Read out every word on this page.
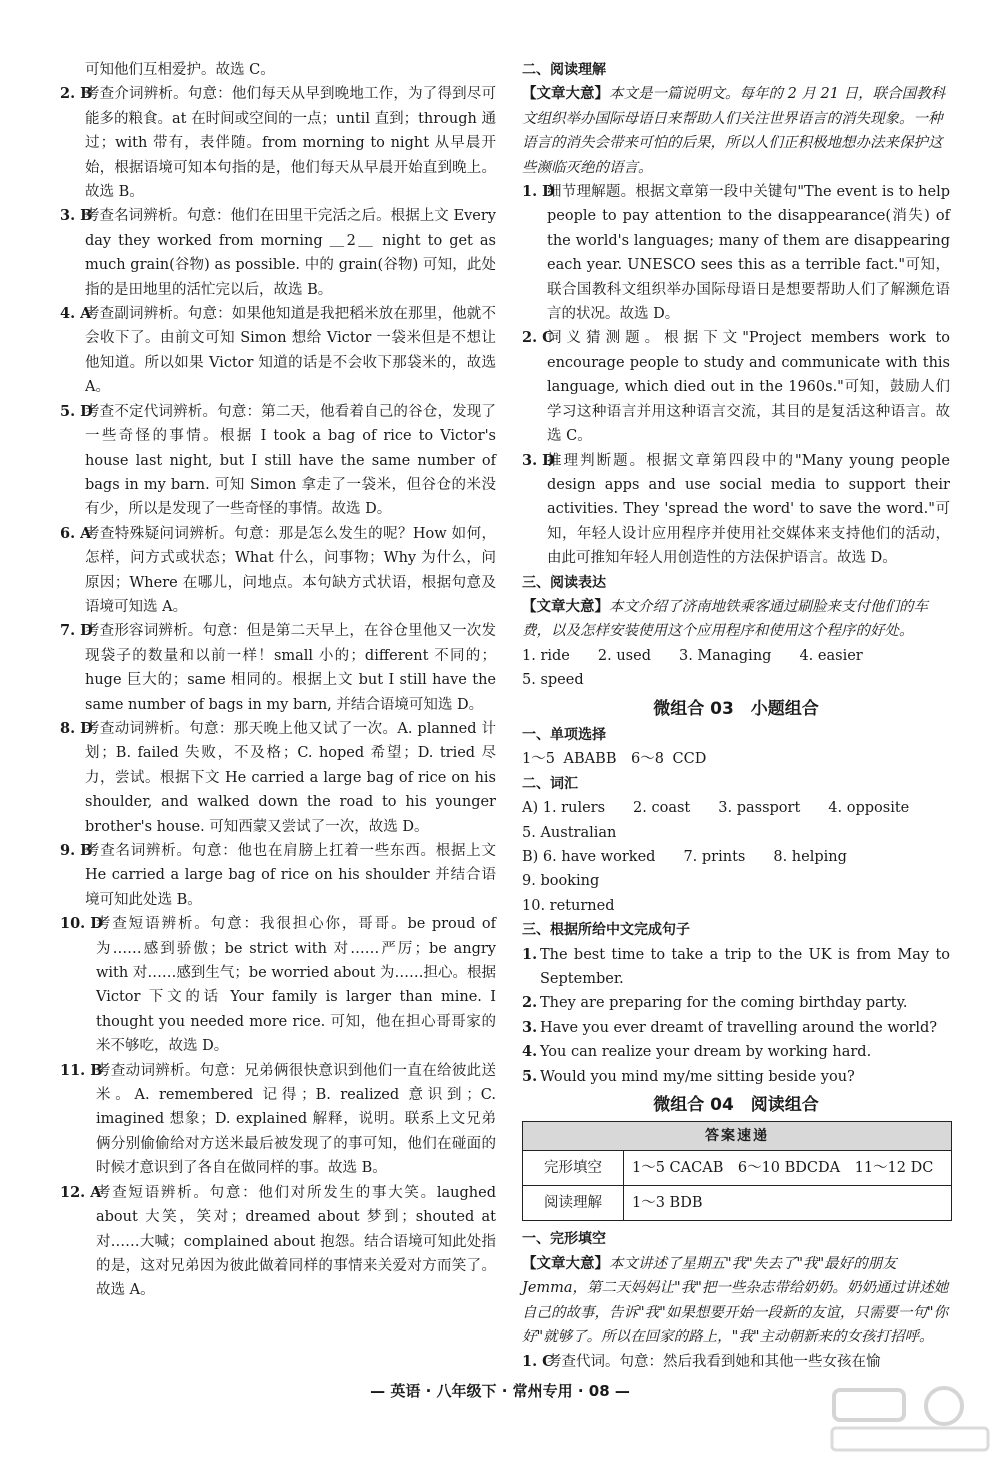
可知他们互相爱护。故选 C。

2. B
考查介词辨析。句意：他们每天从早到晚地工作，为了得到尽可能多的粮食。at 在时间或空间的一点；until 直到；through 通过；with 带有，表伴随。from morning to night 从早晨开始，根据语境可知本句指的是，他们每天从早晨开始直到晚上。故选 B。
3. B
考查名词辨析。句意：他们在田里干完活之后。根据上文 Every day they worked from morning ＿2＿ night to get as much grain(谷物) as possible. 中的 grain(谷物) 可知，此处指的是田地里的活忙完以后，故选 B。
4. A
考查副词辨析。句意：如果他知道是我把稻米放在那里，他就不会收下了。由前文可知 Simon 想给 Victor 一袋米但是不想让他知道。所以如果 Victor 知道的话是不会收下那袋米的，故选 A。
5. D
考查不定代词辨析。句意：第二天，他看着自己的谷仓，发现了一些奇怪的事情。根据 I took a bag of rice to Victor's house last night, but I still have the same number of bags in my barn. 可知 Simon 拿走了一袋米，但谷仓的米没有少，所以是发现了一些奇怪的事情。故选 D。
6. A
考查特殊疑问词辨析。句意：那是怎么发生的呢？How 如何，怎样，问方式或状态；What 什么，问事物；Why 为什么，问原因；Where 在哪儿，问地点。本句缺方式状语，根据句意及语境可知选 A。
7. D
考查形容词辨析。句意：但是第二天早上，在谷仓里他又一次发现袋子的数量和以前一样！small 小的；different 不同的；huge 巨大的；same 相同的。根据上文 but I still have the same number of bags in my barn, 并结合语境可知选 D。
8. D
考查动词辨析。句意：那天晚上他又试了一次。A. planned 计划；B. failed 失败，不及格；C. hoped 希望；D. tried 尽力，尝试。根据下文 He carried a large bag of rice on his shoulder, and walked down the road to his younger brother's house. 可知西蒙又尝试了一次，故选 D。
9. B
考查名词辨析。句意：他也在肩膀上扛着一些东西。根据上文 He carried a large bag of rice on his shoulder 并结合语境可知此处选 B。
10. D
考查短语辨析。句意：我很担心你，哥哥。be proud of 为……感到骄傲；be strict with 对……严厉；be angry with 对……感到生气；be worried about 为……担心。根据 Victor 下文的话 Your family is larger than mine. I thought you needed more rice. 可知，他在担心哥哥家的米不够吃，故选 D。
11. B
考查动词辨析。句意：兄弟俩很快意识到他们一直在给彼此送米。A. remembered 记得；B. realized 意识到；C. imagined 想象；D. explained 解释，说明。联系上文兄弟俩分别偷偷给对方送米最后被发现了的事可知，他们在碰面的时候才意识到了各自在做同样的事。故选 B。
12. A
考查短语辨析。句意：他们对所发生的事大笑。laughed about 大笑，笑对；dreamed about 梦到；shouted at 对……大喊；complained about 抱怨。结合语境可知此处指的是，这对兄弟因为彼此做着同样的事情来关爱对方而笑了。故选 A。

二、阅读理解

【文章大意】本文是一篇说明文。每年的 2 月 21 日，联合国教科文组织举办国际母语日来帮助人们关注世界语言的消失现象。一种语言的消失会带来可怕的后果，所以人们正积极地想办法来保护这些濒临灭绝的语言。

1. D
细节理解题。根据文章第一段中关键句"The event is to help people to pay attention to the disappearance(消失) of the world's languages; many of them are disappearing each year. UNESCO sees this as a terrible fact."可知，联合国教科文组织举办国际母语日是想要帮助人们了解濒危语言的状况。故选 D。
2. C
词义猜测题。根据下文"Project members work to encourage people to study and communicate with this language, which died out in the 1960s."可知，鼓励人们学习这种语言并用这种语言交流，其目的是复活这种语言。故选 C。
3. D
推理判断题。根据文章第四段中的"Many young people design apps and use social media to support their activities. They 'spread the word' to save the word."可知，年轻人设计应用程序并使用社交媒体来支持他们的活动，由此可推知年轻人用创造性的方法保护语言。故选 D。

三、阅读表达

【文章大意】本文介绍了济南地铁乘客通过刷脸来支付他们的车费，以及怎样安装使用这个应用程序和使用这个程序的好处。

1. ride 2. used 3. Managing 4. easier
5. speed

微组合 03　小题组合

一、单项选择

1～5 ABABB　6～8 CCD

二、词汇

A) 1. rulers 2. coast 3. passport 4. opposite

5. Australian

B) 6. have worked 7. prints 8. helping
9. booking

10. returned

三、根据所给中文完成句子

1. The best time to take a trip to the UK is from May to September.
2. They are preparing for the coming birthday party.
3. Have you ever dreamt of travelling around the world?
4. You can realize your dream by working hard.
5. Would you mind my/me sitting beside you?

微组合 04　阅读组合

答案速递	
完形填空	1～5 CACAB　6～10 BDCDA　11～12 DC
阅读理解	1～3 BDB

一、完形填空

【文章大意】本文讲述了星期五"我"失去了"我"最好的朋友 Jemma，第二天妈妈让"我"把一些杂志带给奶奶。奶奶通过讲述她自己的故事，告诉"我"如果想要开始一段新的友谊，只需要一句"你好"就够了。所以在回家的路上，"我"主动朝新来的女孩打招呼。

1. C
考查代词。句意：然后我看到她和其他一些女孩在愉
— 英语 · 八年级下 · 常州专用 · 08 —
